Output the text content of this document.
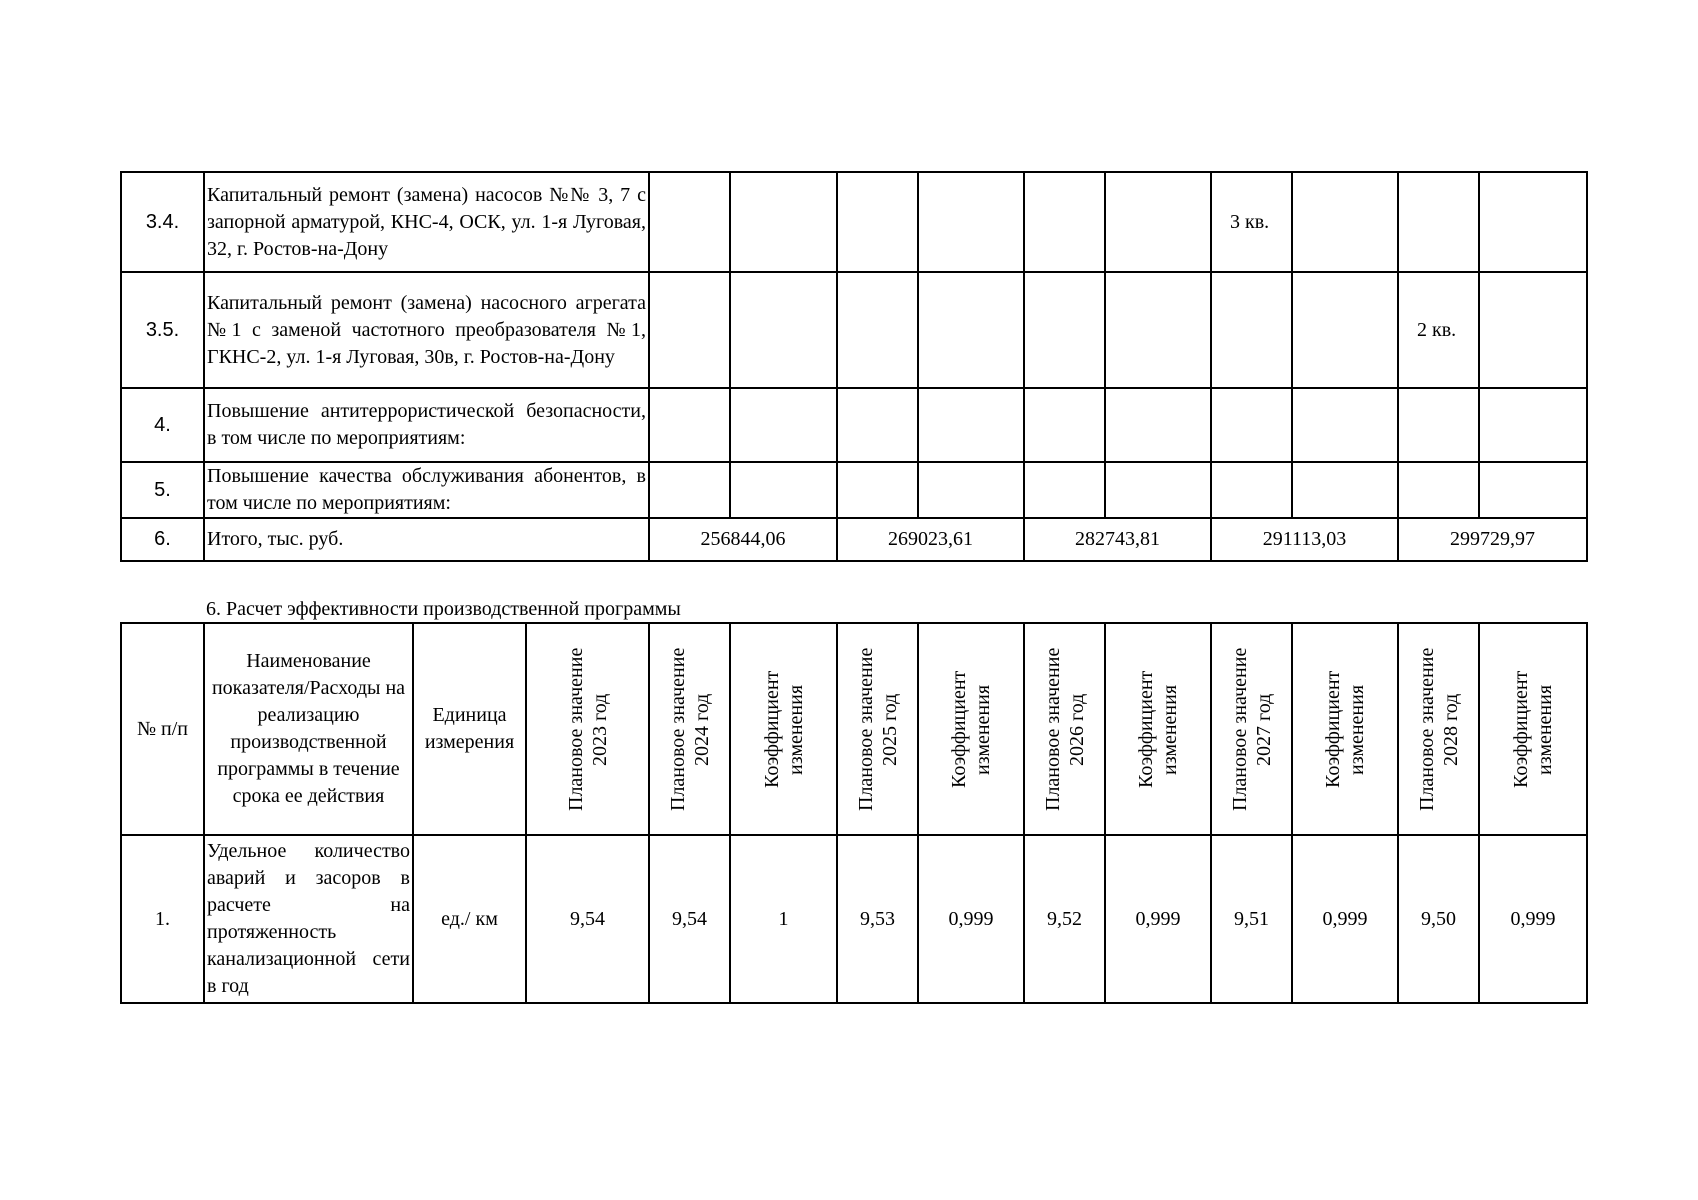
3.4.	Капитальный ремонт (замена) насосов №№ 3, 7 с запорной арматурой, КНС-4, ОСК, ул. 1-я Луговая, 32, г. Ростов-на-Дону							3 кв.			
3.5.	Капитальный ремонт (замена) насосного агрегата №1 с заменой частотного преобразователя №1, ГКНС-2, ул. 1-я Луговая, 30в, г. Ростов-на-Дону									2 кв.	
4.	Повышение антитеррористической безопасности, в том числе по мероприятиям:										
5.	Повышение качества обслуживания абонентов, в том числе по мероприятиям:										
6.	Итого, тыс. руб.	256844,06		269023,61		282743,81		291113,03		299729,97	

6. Расчет эффективности производственной программы

№ п/п	Наименование показателя/Расходы на реализацию производственной программы в течение срока ее действия	Единица измерения	Плановое значение 2023 год	Плановое значение 2024 год	Коэффициент изменения	Плановое значение 2025 год	Коэффициент изменения	Плановое значение 2026 год	Коэффициент изменения	Плановое значение 2027 год	Коэффициент изменения	Плановое значение 2028 год	Коэффициент изменения

1.	Удельное количество аварий и засоров в расчете на протяженность канализационной сети в год	ед./ км	9,54	9,54	1	9,53	0,999	9,52	0,999	9,51	0,999	9,50	0,999
